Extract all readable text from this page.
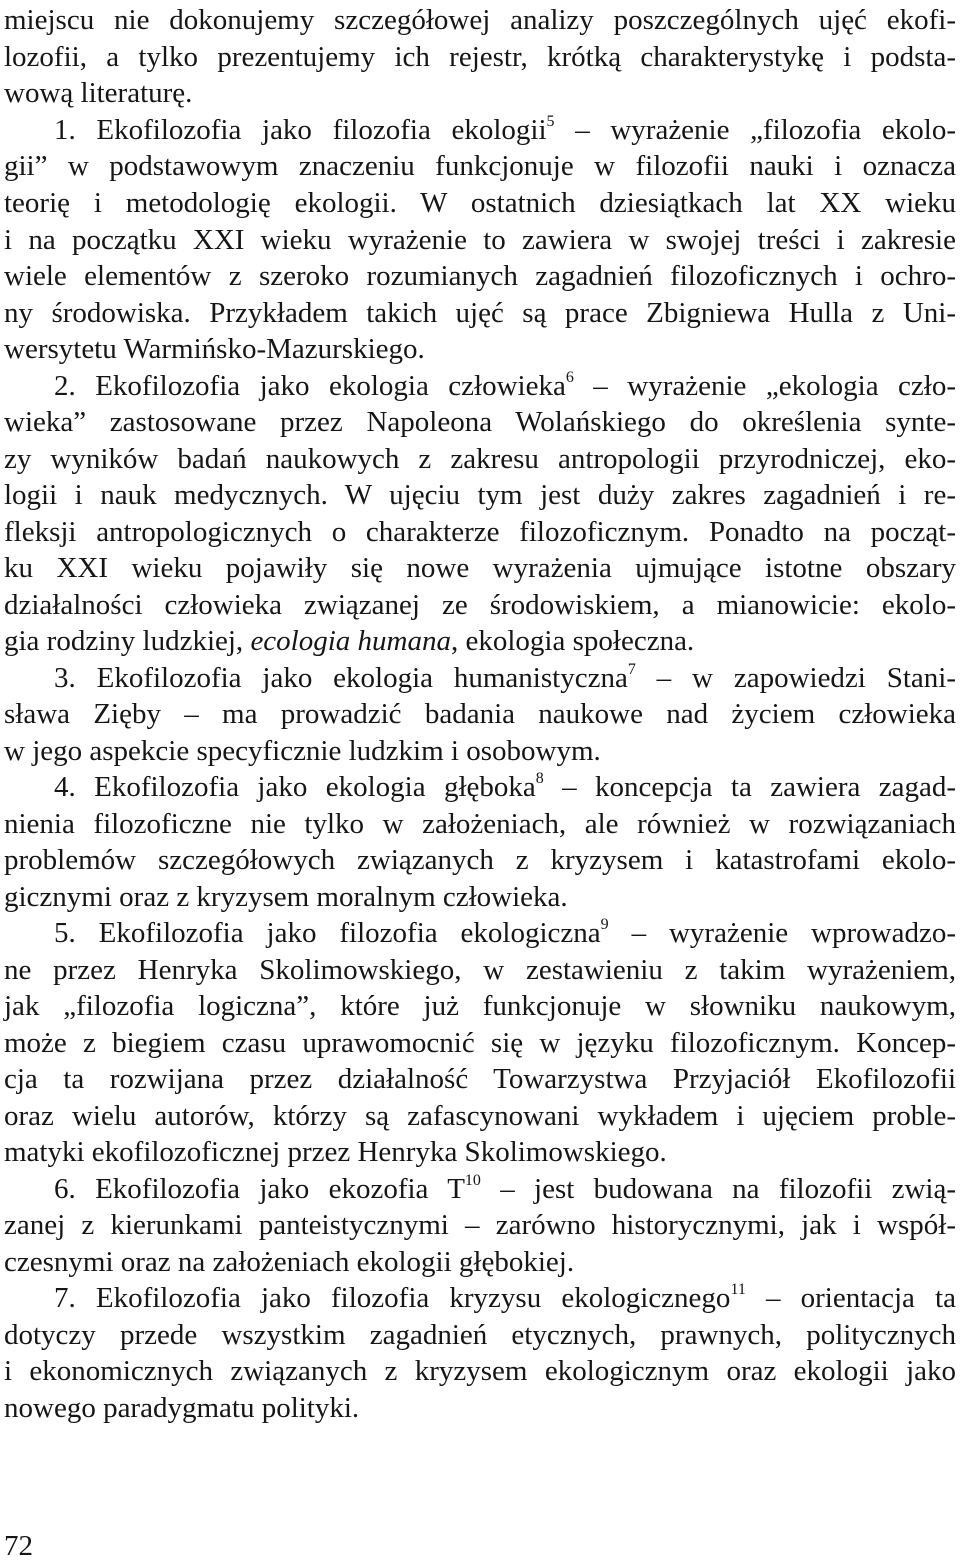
miejscu nie dokonujemy szczegółowej analizy poszczególnych ujęć ekofi-
lozofii, a tylko prezentujemy ich rejestr, krótką charakterystykę i podsta-
wową literaturę.
1. Ekofilozofia jako filozofia ekologii$^5$ – wyrażenie „filozofia ekolo-
gii” w podstawowym znaczeniu funkcjonuje w filozofii nauki i oznacza
teorię i metodologię ekologii. W ostatnich dziesiątkach lat XX wieku
i na początku XXI wieku wyrażenie to zawiera w swojej treści i zakresie
wiele elementów z szeroko rozumianych zagadnień filozoficznych i ochro-
ny środowiska. Przykładem takich ujęć są prace Zbigniewa Hulla z Uni-
wersytetu Warmińsko-Mazurskiego.
2. Ekofilozofia jako ekologia człowieka$^6$ – wyrażenie „ekologia czło-
wieka” zastosowane przez Napoleona Wolańskiego do określenia synte-
zy wyników badań naukowych z zakresu antropologii przyrodniczej, eko-
logii i nauk medycznych. W ujęciu tym jest duży zakres zagadnień i re-
fleksji antropologicznych o charakterze filozoficznym. Ponadto na począt-
ku XXI wieku pojawiły się nowe wyrażenia ujmujące istotne obszary
działalności człowieka związanej ze środowiskiem, a mianowicie: ekolo-
gia rodziny ludzkiej, ecologia humana, ekologia społeczna.
3. Ekofilozofia jako ekologia humanistyczna$^7$ – w zapowiedzi Stani-
sława Zięby – ma prowadzić badania naukowe nad życiem człowieka
w jego aspekcie specyficznie ludzkim i osobowym.
4. Ekofilozofia jako ekologia głęboka$^8$ – koncepcja ta zawiera zagad-
nienia filozoficzne nie tylko w założeniach, ale również w rozwiązaniach
problemów szczegółowych związanych z kryzysem i katastrofami ekolo-
gicznymi oraz z kryzysem moralnym człowieka.
5. Ekofilozofia jako filozofia ekologiczna$^9$ – wyrażenie wprowadzo-
ne przez Henryka Skolimowskiego, w zestawieniu z takim wyrażeniem,
jak „filozofia logiczna”, które już funkcjonuje w słowniku naukowym,
może z biegiem czasu uprawomocnić się w języku filozoficznym. Koncep-
cja ta rozwijana przez działalność Towarzystwa Przyjaciół Ekofilozofii
oraz wielu autorów, którzy są zafascynowani wykładem i ujęciem proble-
matyki ekofilozoficznej przez Henryka Skolimowskiego.
6. Ekofilozofia jako ekozofia $T^{10}$ – jest budowana na filozofii zwią-
zanej z kierunkami panteistycznymi – zarówno historycznymi, jak i współ-
czesnymi oraz na założeniach ekologii głębokiej.
7. Ekofilozofia jako filozofia kryzysu ekologicznego$^{11}$ – orientacja ta
dotyczy przede wszystkim zagadnień etycznych, prawnych, politycznych
i ekonomicznych związanych z kryzysem ekologicznym oraz ekologii jako
nowego paradygmatu polityki.
72
